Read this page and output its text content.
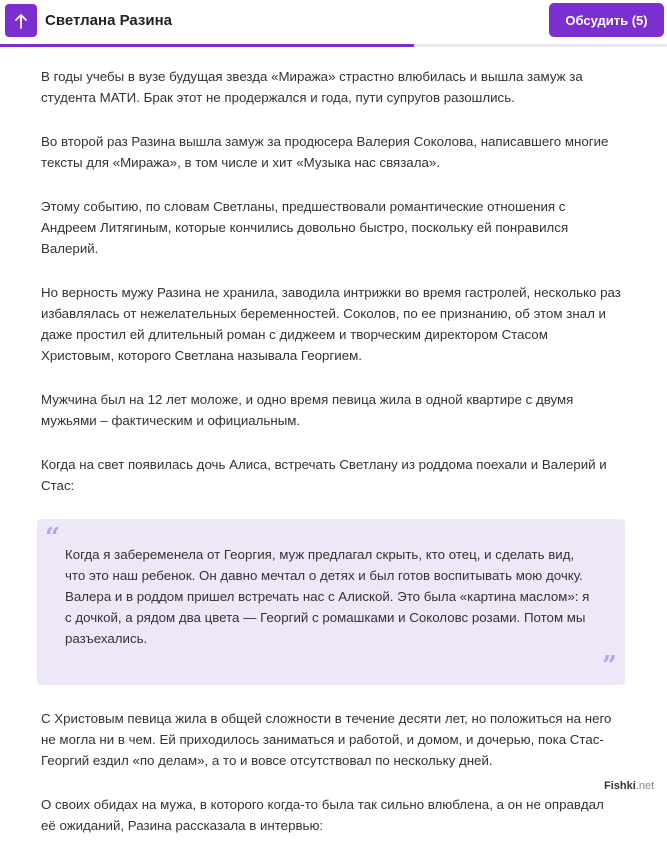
Светлана Разина	Обсудить (5)

В годы учебы в вузе будущая звезда «Миража» страстно влюбилась и вышла замуж за студента МАТИ. Брак этот не продержался и года, пути супругов разошлись.

Во второй раз Разина вышла замуж за продюсера Валерия Соколова, написавшего многие тексты для «Миража», в том числе и хит «Музыка нас связала».

Этому событию, по словам Светланы, предшествовали романтические отношения с Андреем Литягиным, которые кончились довольно быстро, поскольку ей понравился Валерий.

Но верность мужу Разина не хранила, заводила интрижки во время гастролей, несколько раз избавлялась от нежелательных беременностей. Соколов, по ее признанию, об этом знал и даже простил ей длительный роман с диджеем и творческим директором Стасом Христовым, которого Светлана называла Георгием.

Мужчина был на 12 лет моложе, и одно время певица жила в одной квартире с двумя мужьями – фактическим и официальным.

Когда на свет появилась дочь Алиса, встречать Светлану из роддома поехали и Валерий и Стас:

“
Когда я забеременела от Георгия, муж предлагал скрыть, кто отец, и сделать вид, что это наш ребенок. Он давно мечтал о детях и был готов воспитывать мою дочку. Валера и в роддом пришел встречать нас с Алиской. Это была «картина маслом»: я с дочкой, а рядом два цвета — Георгий с ромашками и Соколовс розами. Потом мы разъехались.
”

С Христовым певица жила в общей сложности в течение десяти лет, но положиться на него не могла ни в чем. Ей приходилось заниматься и работой, и домом, и дочерью, пока Стас-Георгий ездил «по делам», а то и вовсе отсутствовал по нескольку дней.

О своих обидах на мужа, в которого когда-то была так сильно влюблена, а он не оправдал её ожиданий, Разина рассказала в интервью:

Fishki.net
